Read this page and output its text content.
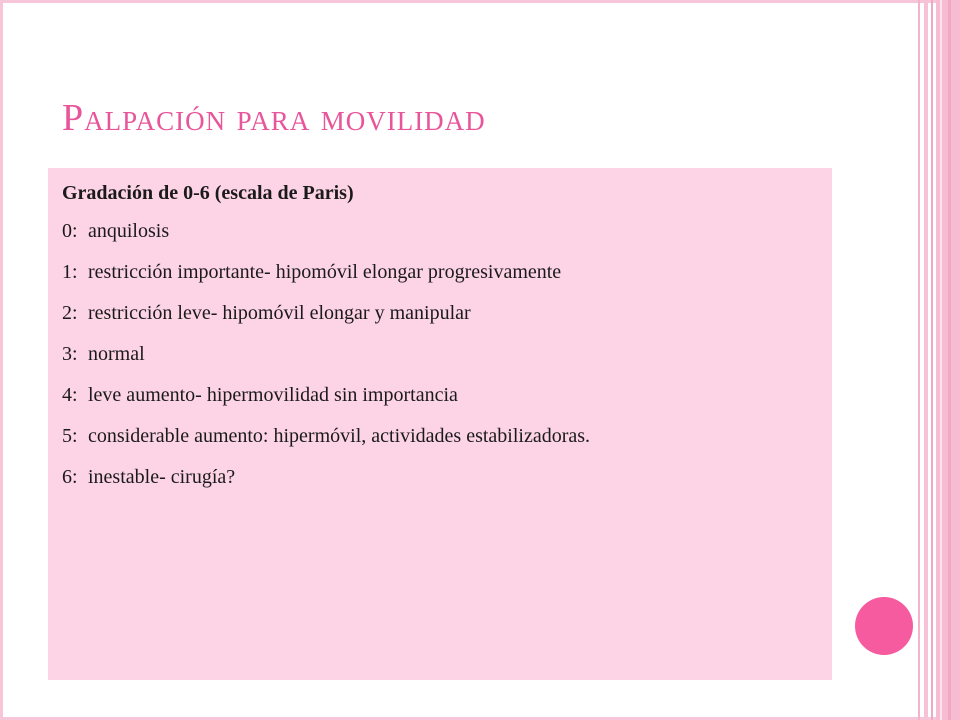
Palpación para movilidad
Gradación de 0-6 (escala de Paris)
0: anquilosis
1: restricción importante- hipomóvil elongar progresivamente
2: restricción leve- hipomóvil elongar y manipular
3: normal
4: leve aumento- hipermovilidad sin importancia
5: considerable aumento: hipermóvil, actividades estabilizadoras.
6: inestable- cirugía?
